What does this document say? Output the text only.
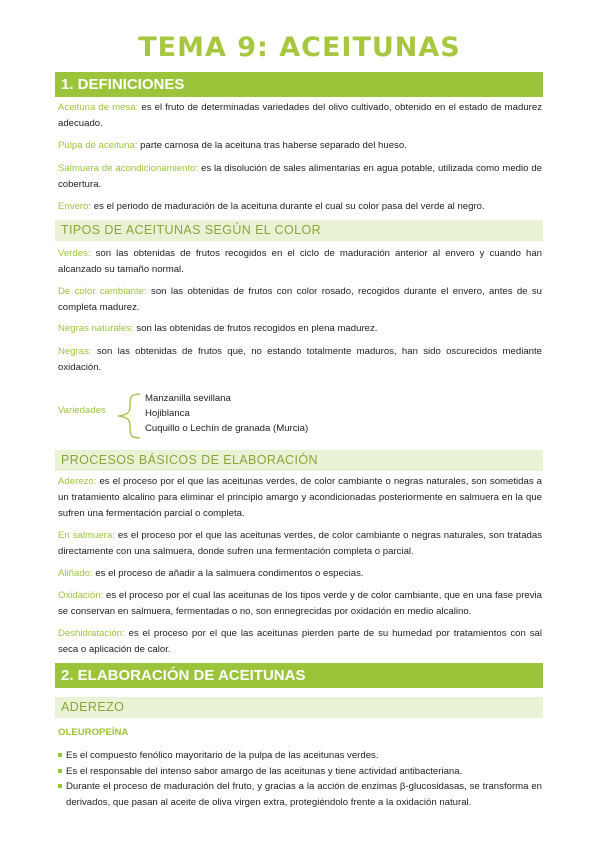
TEMA 9: ACEITUNAS
1. DEFINICIONES
Aceituna de mesa: es el fruto de determinadas variedades del olivo cultivado, obtenido en el estado de madurez adecuado.
Pulpa de aceituna: parte carnosa de la aceituna tras haberse separado del hueso.
Salmuera de acondicionamiento: es la disolución de sales alimentarias en agua potable, utilizada como medio de cobertura.
Envero: es el periodo de maduración de la aceituna durante el cual su color pasa del verde al negro.
TIPOS DE ACEITUNAS SEGÚN EL COLOR
Verdes: son las obtenidas de frutos recogidos en el ciclo de maduración anterior al envero y cuando han alcanzado su tamaño normal.
De color cambiante: son las obtenidas de frutos con color rosado, recogidos durante el envero, antes de su completa madurez.
Negras naturales: son las obtenidas de frutos recogidos en plena madurez.
Negras: son las obtenidas de frutos que, no estando totalmente maduros, han sido oscurecidos mediante oxidación.
Variedades
Manzanilla sevillana
Hojiblanca
Cuquillo o Lechín de granada (Murcia)
PROCESOS BÁSICOS DE ELABORACIÓN
Aderezo: es el proceso por el que las aceitunas verdes, de color cambiante o negras naturales, son sometidas a un tratamiento alcalino para eliminar el principio amargo y acondicionadas posteriormente en salmuera en la que sufren una fermentación parcial o completa.
En salmuera: es el proceso por el que las aceitunas verdes, de color cambiante o negras naturales, son tratadas directamente con una salmuera, donde sufren una fermentación completa o parcial.
Aliñado: es el proceso de añadir a la salmuera condimentos o especias.
Oxidación: es el proceso por el cual las aceitunas de los tipos verde y de color cambiante, que en una fase previa se conservan en salmuera, fermentadas o no, son ennegrecidas por oxidación en medio alcalino.
Deshidratación: es el proceso por el que las aceitunas pierden parte de su humedad por tratamientos con sal seca o aplicación de calor.
2. ELABORACIÓN DE ACEITUNAS
ADEREZO
OLEUROPEÍNA
Es el compuesto fenólico mayoritario de la pulpa de las aceitunas verdes.
Es el responsable del intenso sabor amargo de las aceitunas y tiene actividad antibacteriana.
Durante el proceso de maduración del fruto, y gracias a la acción de enzimas β-glucosidasas, se transforma en derivados, que pasan al aceite de oliva virgen extra, protegiéndolo frente a la oxidación natural.
